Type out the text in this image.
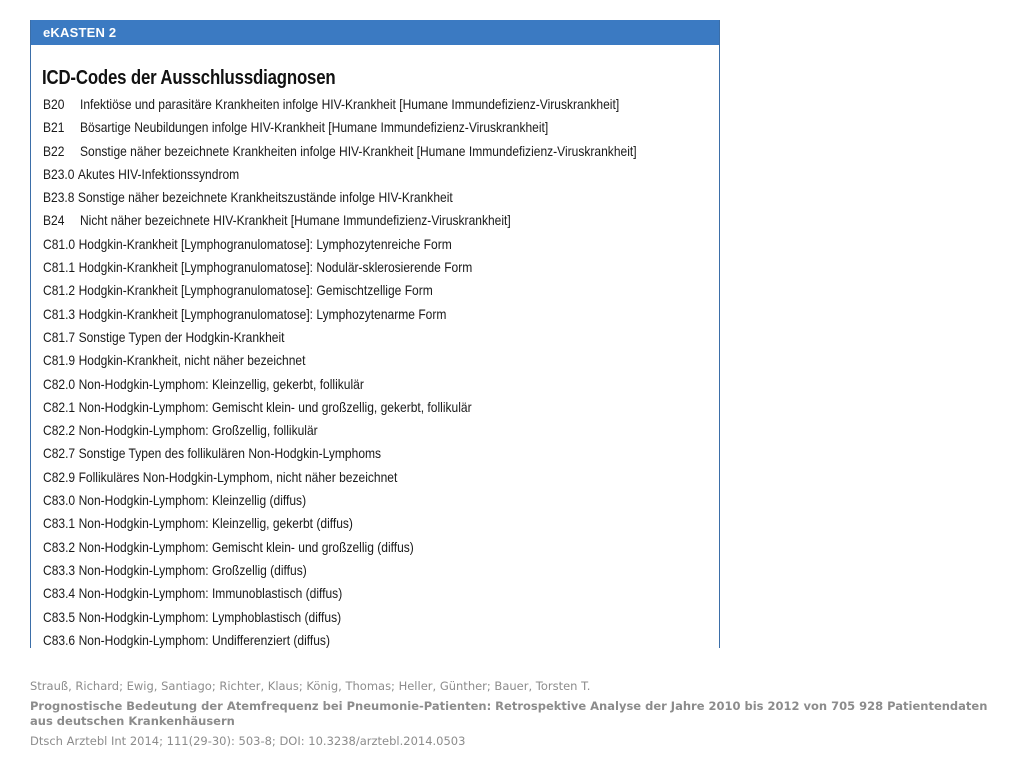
eKASTEN 2
ICD-Codes der Ausschlussdiagnosen
B20	Infektiöse und parasitäre Krankheiten infolge HIV-Krankheit [Humane Immundefizienz-Viruskrankheit]
B21	Bösartige Neubildungen infolge HIV-Krankheit [Humane Immundefizienz-Viruskrankheit]
B22	Sonstige näher bezeichnete Krankheiten infolge HIV-Krankheit [Humane Immundefizienz-Viruskrankheit]
B23.0 Akutes HIV-Infektionssyndrom
B23.8 Sonstige näher bezeichnete Krankheitszustände infolge HIV-Krankheit
B24	Nicht näher bezeichnete HIV-Krankheit [Humane Immundefizienz-Viruskrankheit]
C81.0 Hodgkin-Krankheit [Lymphogranulomatose]: Lymphozytenreiche Form
C81.1 Hodgkin-Krankheit [Lymphogranulomatose]: Nodulär-sklerosierende Form
C81.2 Hodgkin-Krankheit [Lymphogranulomatose]: Gemischtzellige Form
C81.3 Hodgkin-Krankheit [Lymphogranulomatose]: Lymphozytenarme Form
C81.7 Sonstige Typen der Hodgkin-Krankheit
C81.9 Hodgkin-Krankheit, nicht näher bezeichnet
C82.0 Non-Hodgkin-Lymphom: Kleinzellig, gekerbt, follikulär
C82.1 Non-Hodgkin-Lymphom: Gemischt klein- und großzellig, gekerbt, follikulär
C82.2 Non-Hodgkin-Lymphom: Großzellig, follikulär
C82.7 Sonstige Typen des follikulären Non-Hodgkin-Lymphoms
C82.9 Follikuläres Non-Hodgkin-Lymphom, nicht näher bezeichnet
C83.0 Non-Hodgkin-Lymphom: Kleinzellig (diffus)
C83.1 Non-Hodgkin-Lymphom: Kleinzellig, gekerbt (diffus)
C83.2 Non-Hodgkin-Lymphom: Gemischt klein- und großzellig (diffus)
C83.3 Non-Hodgkin-Lymphom: Großzellig (diffus)
C83.4 Non-Hodgkin-Lymphom: Immunoblastisch (diffus)
C83.5 Non-Hodgkin-Lymphom: Lymphoblastisch (diffus)
C83.6 Non-Hodgkin-Lymphom: Undifferenziert (diffus)
Strauß, Richard; Ewig, Santiago; Richter, Klaus; König, Thomas; Heller, Günther; Bauer, Torsten T.
Prognostische Bedeutung der Atemfrequenz bei Pneumonie-Patienten: Retrospektive Analyse der Jahre 2010 bis 2012 von 705 928 Patientendaten aus deutschen Krankenhäusern
Dtsch Arztebl Int 2014; 111(29-30): 503-8; DOI: 10.3238/arztebl.2014.0503
